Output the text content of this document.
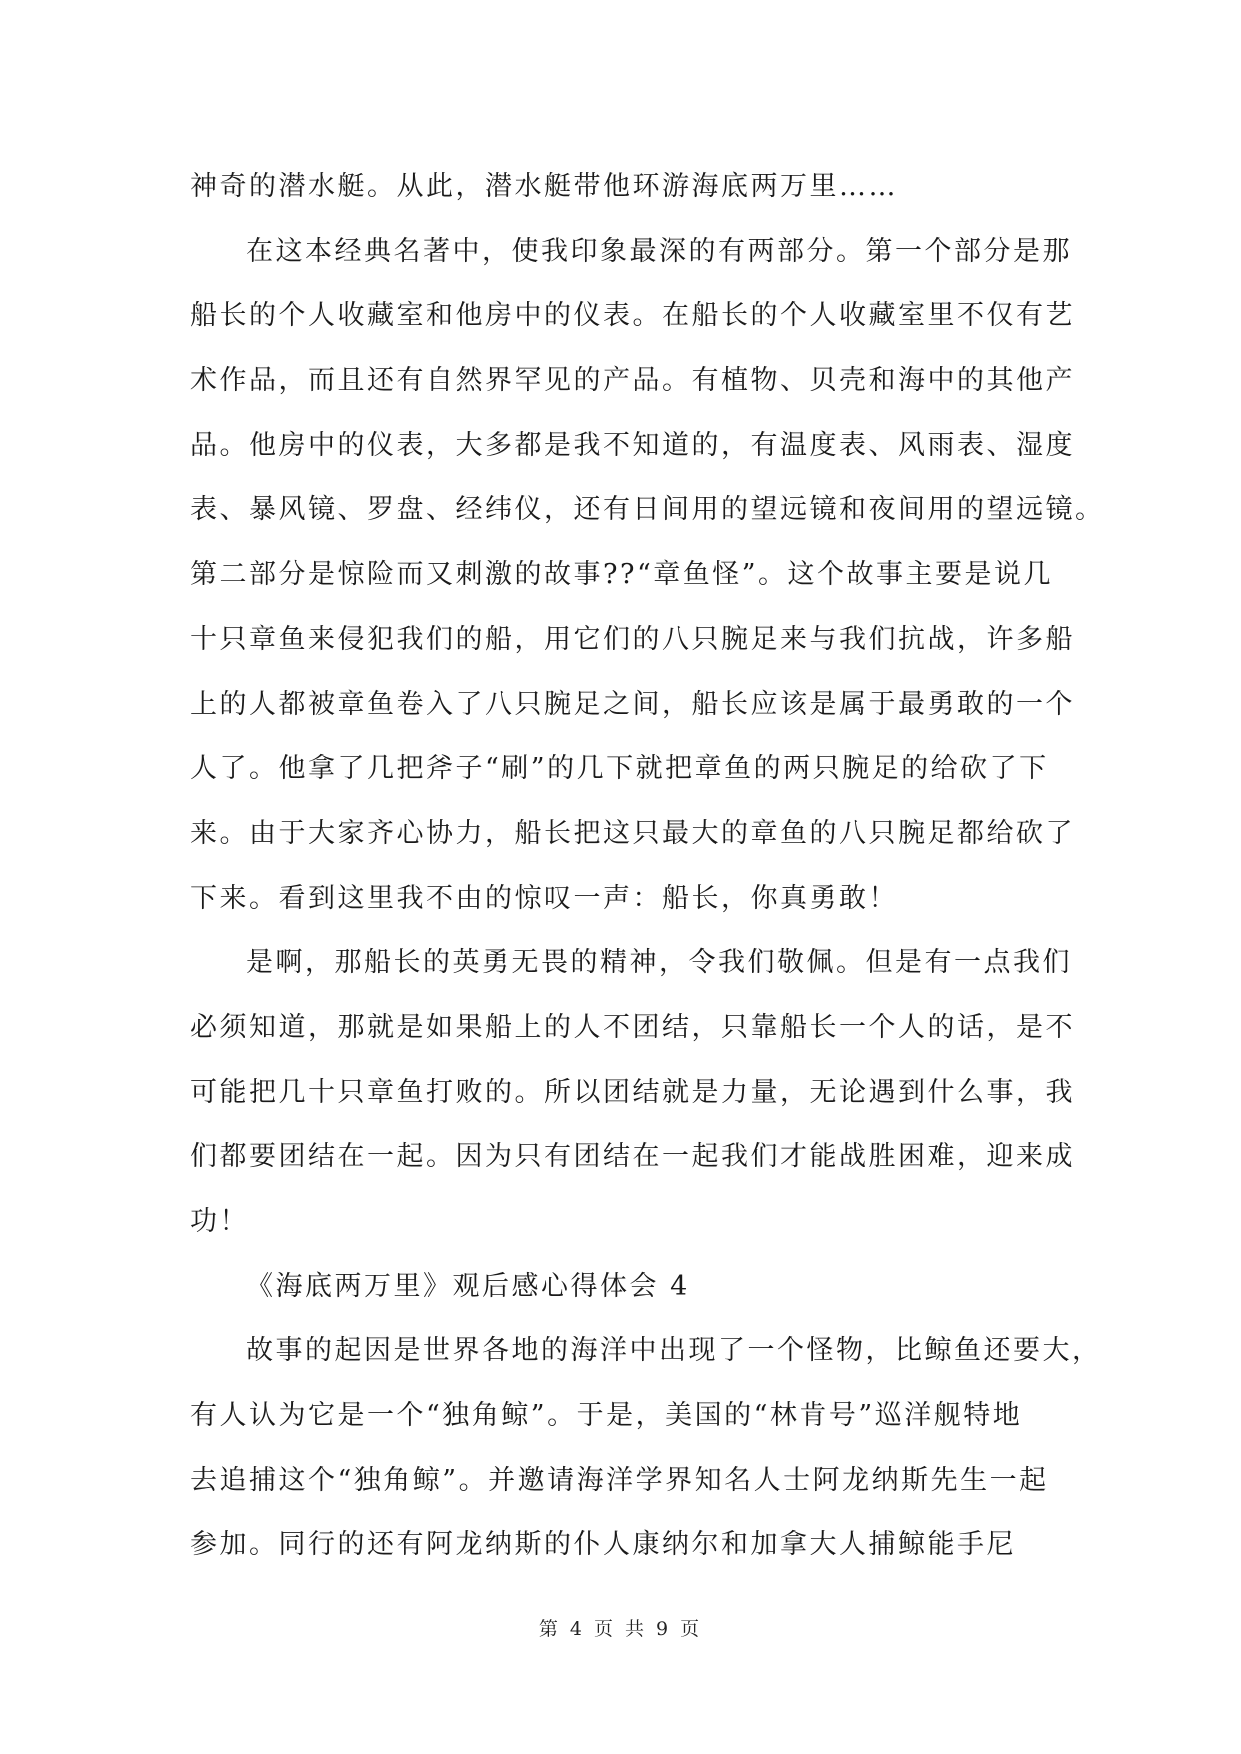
神奇的潜水艇。从此，潜水艇带他环游海底两万里……
在这本经典名著中，使我印象最深的有两部分。第一个部分是那
船长的个人收藏室和他房中的仪表。在船长的个人收藏室里不仅有艺
术作品，而且还有自然界罕见的产品。有植物、贝壳和海中的其他产
品。他房中的仪表，大多都是我不知道的，有温度表、风雨表、湿度
表、暴风镜、罗盘、经纬仪，还有日间用的望远镜和夜间用的望远镜。
第二部分是惊险而又刺激的故事??“章鱼怪”。这个故事主要是说几
十只章鱼来侵犯我们的船，用它们的八只腕足来与我们抗战，许多船
上的人都被章鱼卷入了八只腕足之间，船长应该是属于最勇敢的一个
人了。他拿了几把斧子“刷”的几下就把章鱼的两只腕足的给砍了下
来。由于大家齐心协力，船长把这只最大的章鱼的八只腕足都给砍了
下来。看到这里我不由的惊叹一声：船长，你真勇敢！
是啊，那船长的英勇无畏的精神，令我们敬佩。但是有一点我们
必须知道，那就是如果船上的人不团结，只靠船长一个人的话，是不
可能把几十只章鱼打败的。所以团结就是力量，无论遇到什么事，我
们都要团结在一起。因为只有团结在一起我们才能战胜困难，迎来成
功！
《海底两万里》观后感心得体会 4
故事的起因是世界各地的海洋中出现了一个怪物，比鲸鱼还要大，
有人认为它是一个“独角鲸”。于是，美国的“林肯号”巡洋舰特地
去追捕这个“独角鲸”。并邀请海洋学界知名人士阿龙纳斯先生一起
参加。同行的还有阿龙纳斯的仆人康纳尔和加拿大人捕鲸能手尼
第 4 页 共 9 页
